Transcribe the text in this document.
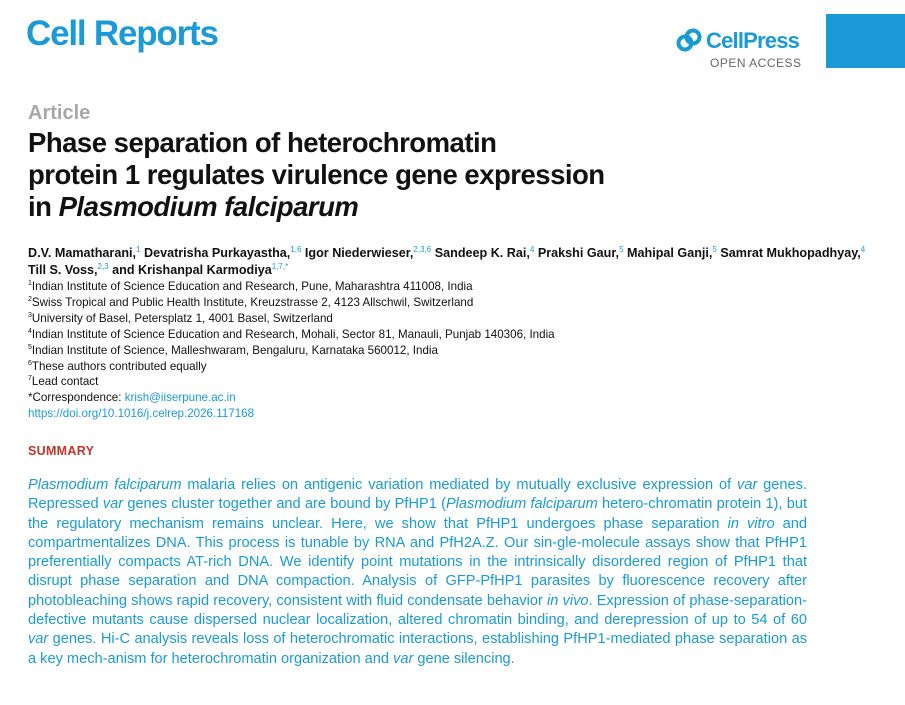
Cell Reports	CellPress
OPEN ACCESS
Article
Phase separation of heterochromatin
protein 1 regulates virulence gene expression
in Plasmodium falciparum
D.V. Mamatharani,$^1$ Devatrisha Purkayastha,$^{1,6}$ Igor Niederwieser,$^{2,3,6}$ Sandeep K. Rai,$^4$ Prakshi Gaur,$^5$ Mahipal Ganji,$^5$ Samrat Mukhopadhyay,$^4$ Till S. Voss,$^{2,3}$ and Krishanpal Karmodiya$^{1,7,*}$
$^1$Indian Institute of Science Education and Research, Pune, Maharashtra 411008, India
$^2$Swiss Tropical and Public Health Institute, Kreuzstrasse 2, 4123 Allschwil, Switzerland
$^3$University of Basel, Petersplatz 1, 4001 Basel, Switzerland
$^4$Indian Institute of Science Education and Research, Mohali, Sector 81, Manauli, Punjab 140306, India
$^5$Indian Institute of Science, Malleshwaram, Bengaluru, Karnataka 560012, India
$^6$These authors contributed equally
$^7$Lead contact
*Correspondence: krish@iiserpune.ac.in
https://doi.org/10.1016/j.celrep.2026.117168
SUMMARY
Plasmodium falciparum malaria relies on antigenic variation mediated by mutually exclusive expression of var genes. Repressed var genes cluster together and are bound by PfHP1 (Plasmodium falciparum hetero-chromatin protein 1), but the regulatory mechanism remains unclear. Here, we show that PfHP1 undergoes phase separation in vitro and compartmentalizes DNA. This process is tunable by RNA and PfH2A.Z. Our sin-gle-molecule assays show that PfHP1 preferentially compacts AT-rich DNA. We identify point mutations in the intrinsically disordered region of PfHP1 that disrupt phase separation and DNA compaction. Analysis of GFP-PfHP1 parasites by fluorescence recovery after photobleaching shows rapid recovery, consistent with fluid condensate behavior in vivo. Expression of phase-separation-defective mutants cause dispersed nuclear localization, altered chromatin binding, and derepression of up to 54 of 60 var genes. Hi-C analysis reveals loss of heterochromatic interactions, establishing PfHP1-mediated phase separation as a key mech-anism for heterochromatin organization and var gene silencing.
